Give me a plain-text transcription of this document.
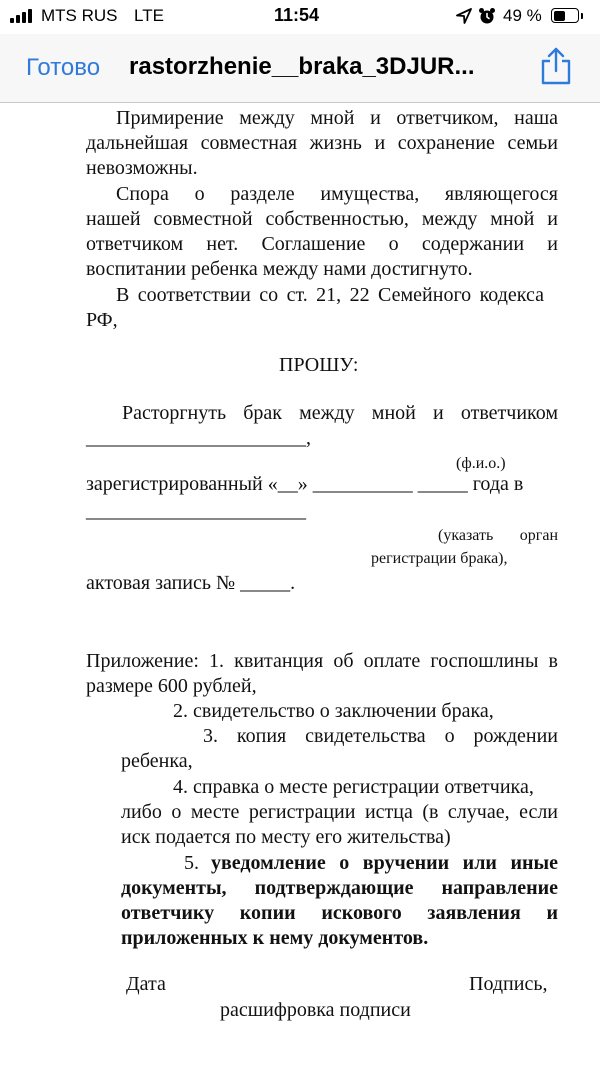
MTS RUS LTE	11:54	49 %
Готово rastorzhenie__braka_3DJUR...
Примирение между мной и ответчиком, наша
дальнейшая совместная жизнь и сохранение семьи
невозможны.
Спора о разделе имущества, являющегося
нашей совместной собственностью, между мной и
ответчиком нет. Соглашение о содержании и
воспитании ребенка между нами достигнуто.
В соответствии со ст. 21, 22 Семейного кодекса
РФ,
ПРОШУ:
Расторгнуть брак между мной и ответчиком
______________________,
(ф.и.о.)
зарегистрированный «__» __________ _____ года в
______________________
(указать орган
регистрации брака),
актовая запись № _____.
Приложение: 1. квитанция об оплате госпошлины в
размере 600 рублей,
2. свидетельство о заключении брака,
3. копия свидетельства о рождении
ребенка,
4. справка о месте регистрации ответчика,
либо о месте регистрации истца (в случае, если
иск подается по месту его жительства)
5. уведомление о вручении или иные
документы, подтверждающие направление
ответчику копии искового заявления и
приложенных к нему документов.
Дата	Подпись,
расшифровка подписи
